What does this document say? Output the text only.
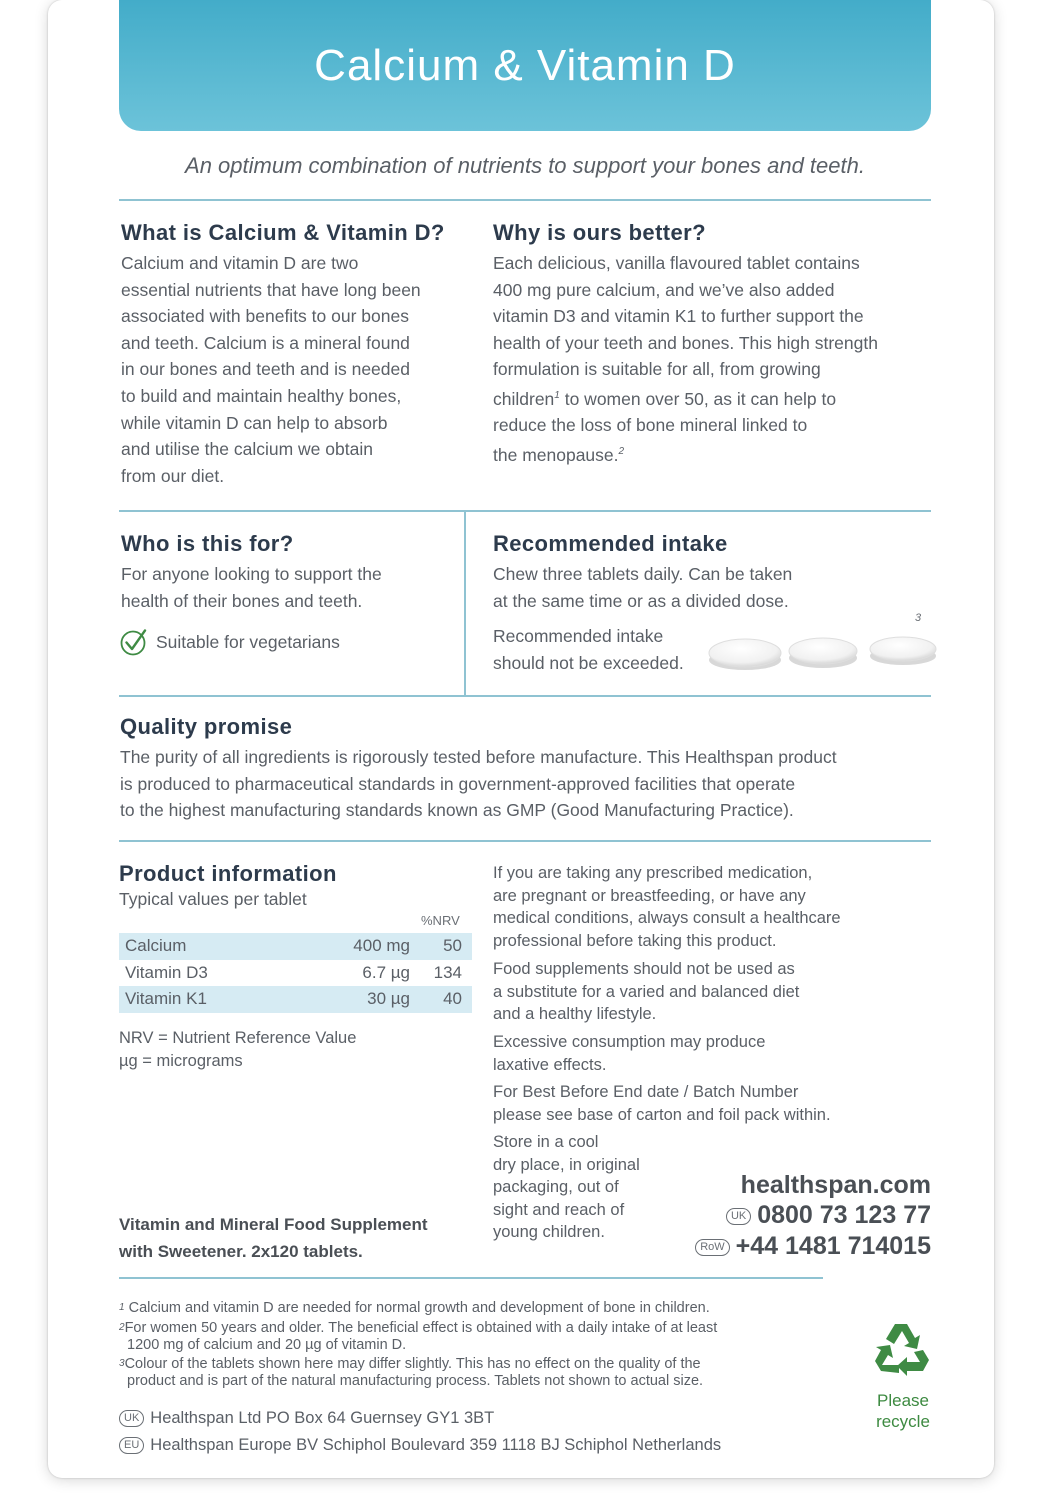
Calcium & Vitamin D
An optimum combination of nutrients to support your bones and teeth.
What is Calcium & Vitamin D?

Calcium and vitamin D are two
essential nutrients that have long been
associated with benefits to our bones
and teeth. Calcium is a mineral found
in our bones and teeth and is needed
to build and maintain healthy bones,
while vitamin D can help to absorb
and utilise the calcium we obtain
from our diet.

Why is ours better?

Each delicious, vanilla flavoured tablet contains
400 mg pure calcium, and we’ve also added
vitamin D3 and vitamin K1 to further support the
health of your teeth and bones. This high strength
formulation is suitable for all, from growing
children$^1$ to women over 50, as it can help to
reduce the loss of bone mineral linked to
the menopause.$^2$

Who is this for?

For anyone looking to support the
health of their bones and teeth.

Suitable for vegetarians
Recommended intake

Chew three tablets daily. Can be taken
at the same time or as a divided dose.

Recommended intake
should not be exceeded.

3
Quality promise

The purity of all ingredients is rigorously tested before manufacture. This Healthspan product
is produced to pharmaceutical standards in government-approved facilities that operate
to the highest manufacturing standards known as GMP (Good Manufacturing Practice).

Product information
Typical values per tablet
%NRV
Calcium	400 mg	50
Vitamin D3	6.7 µg	134
Vitamin K1	30 µg	40

NRV = Nutrient Reference Value
µg = micrograms

If you are taking any prescribed medication,
are pregnant or breastfeeding, or have any
medical conditions, always consult a healthcare
professional before taking this product.

Food supplements should not be used as
a substitute for a varied and balanced diet
and a healthy lifestyle.

Excessive consumption may produce
laxative effects.

For Best Before End date / Batch Number
please see base of carton and foil pack within.

Store in a cool
dry place, in original
packaging, out of
sight and reach of
young children.

Vitamin and Mineral Food Supplement
with Sweetener. 2x120 tablets.

healthspan.com
UK 0800 73 123 77
RoW +44 1481 714015

$^1$ Calcium and vitamin D are needed for normal growth and development of bone in children.

$^2$For women 50 years and older. The beneficial effect is obtained with a daily intake of at least
1200 mg of calcium and 20 µg of vitamin D.

$^3$Colour of the tablets shown here may differ slightly. This has no effect on the quality of the
product and is part of the natural manufacturing process. Tablets not shown to actual size.

UK Healthspan Ltd PO Box 64 Guernsey GY1 3BT
EU Healthspan Europe BV Schiphol Boulevard 359 1118 BJ Schiphol Netherlands
Please
recycle
